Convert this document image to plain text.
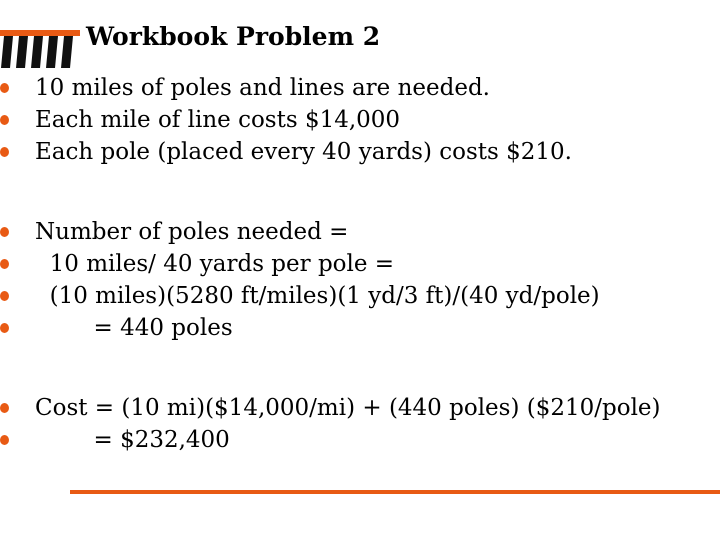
Workbook Problem 2
10 miles of poles and lines are needed.
Each mile of line costs $14,000
Each pole (placed every 40 yards) costs $210.
Number of poles needed =
10 miles/ 40 yards per pole =
(10 miles)(5280 ft/miles)(1 yd/3 ft)/(40 yd/pole)
= 440 poles
Cost = (10 mi)($14,000/mi) + (440 poles) ($210/pole)
= $232,400
